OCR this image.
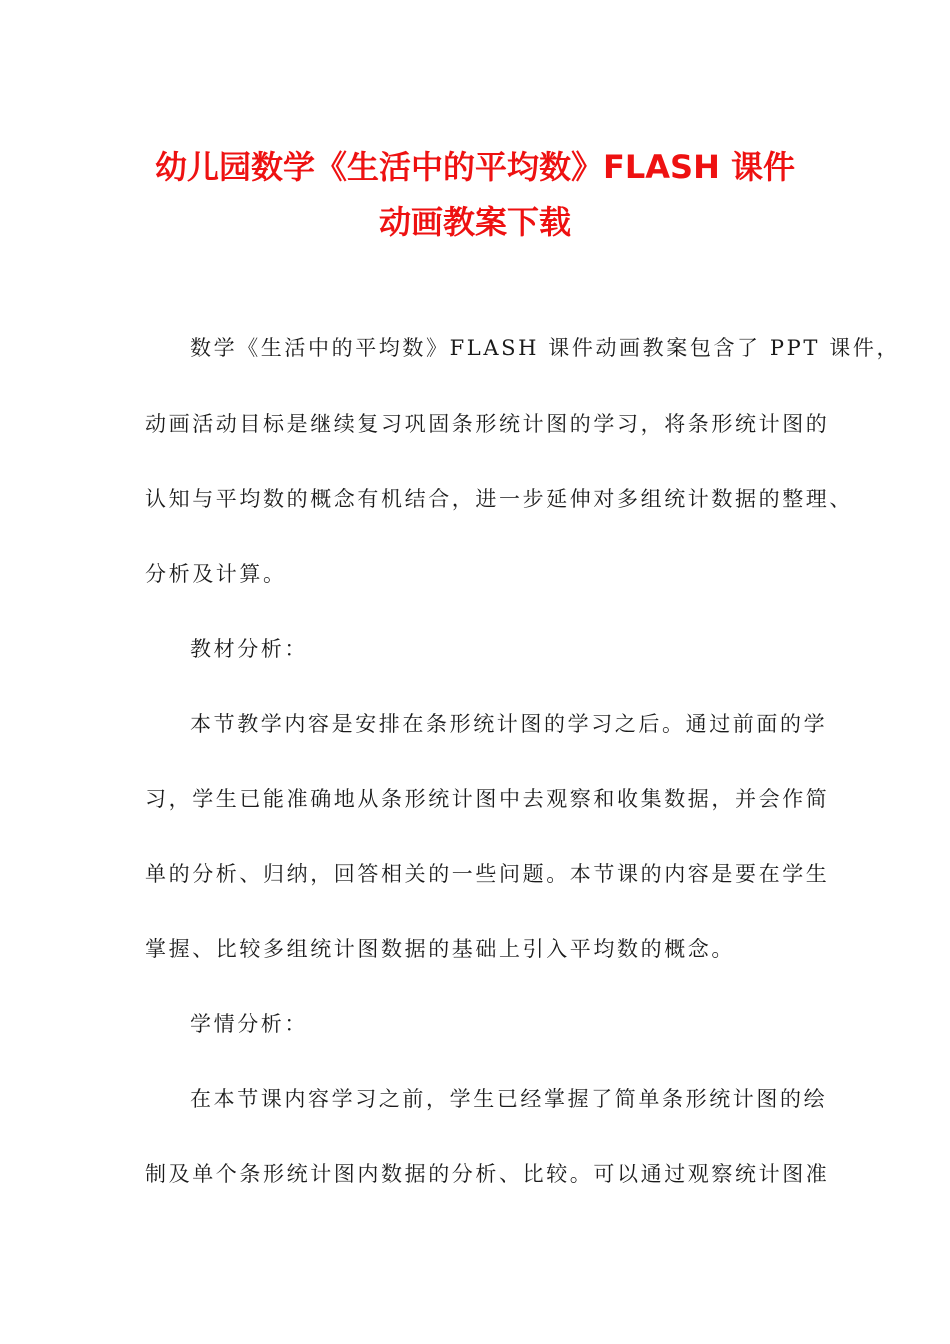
幼儿园数学《生活中的平均数》FLASH 课件
动画教案下载
数学《生活中的平均数》FLASH 课件动画教案包含了 PPT 课件，
动画活动目标是继续复习巩固条形统计图的学习，将条形统计图的
认知与平均数的概念有机结合，进一步延伸对多组统计数据的整理、
分析及计算。
教材分析：
本节教学内容是安排在条形统计图的学习之后。通过前面的学
习，学生已能准确地从条形统计图中去观察和收集数据，并会作简
单的分析、归纳，回答相关的一些问题。本节课的内容是要在学生
掌握、比较多组统计图数据的基础上引入平均数的概念。
学情分析：
在本节课内容学习之前，学生已经掌握了简单条形统计图的绘
制及单个条形统计图内数据的分析、比较。可以通过观察统计图准
